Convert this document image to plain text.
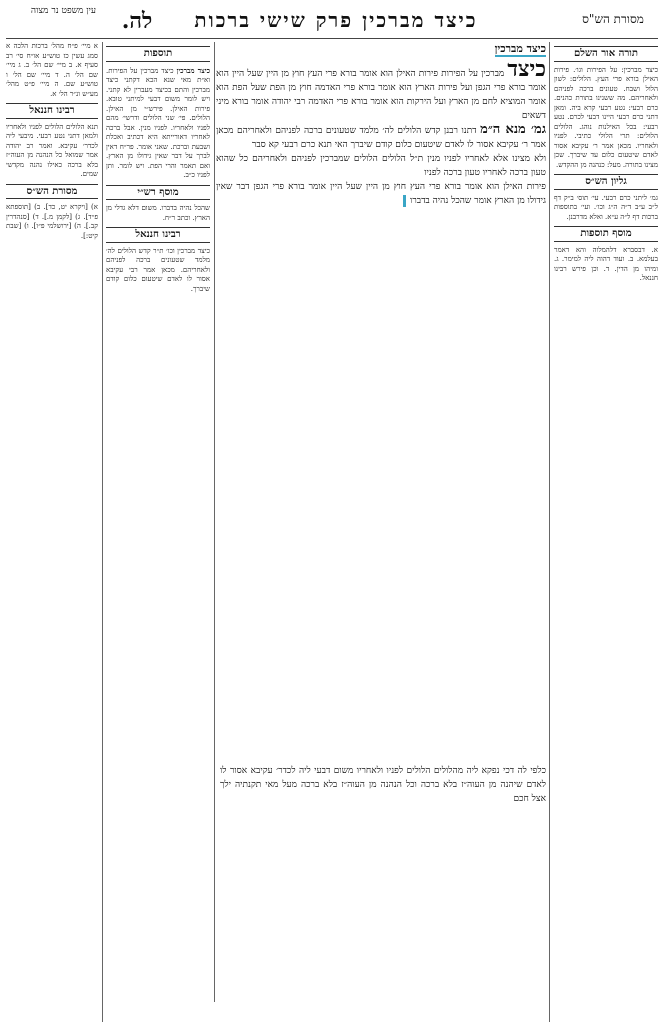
עין משפט נר מצוה	לה.	כיצד מברכין פרק שישי ברכות	מסורת הש"ס
תורה אור השלם

כיצד מברכין: על הפירות וגו׳. פירות האילן בורא פרי העץ. הלולים: לשון הלול ושבח. טעונים ברכה לפניהם ולאחריהם. מה ששנינו בתורת כהנים. כרם רבעי: נטע רבעי קרא ביה. ומאן דתני כרם רבעי היינו דבעי לכרם. נטע רבעי: בכל האילנות נוהג. הלולים הלולים: תרי הלולי כתיבי. לפניו ולאחריו. מכאן אמר ר׳ עקיבא אסור לאדם שיטעום כלום עד שיברך. שכן מצינו בתורה. מעל: כנהנה מן ההקדש.

גליון הש״ס

גמ׳ ליתני כרם רבעי. עי׳ תוס׳ ב״ק דף ל״ב ע״ב ד״ה ה״ג וכו׳. ועי׳ בתוספות ברכות דף ל״ה ע״א. ואלא מדרבנן.

מוסף תוספות

א. דבסברא דלהמלוה והא דאמר בעלמא. ב. ועוד דהוה ליה למימר. ג. ומיהו מן הדין. ד. וכן פירש רבינו חננאל.

כיצד מברכין

כיצד מברכין על הפירות פירות האילן הוא אומר בורא פרי העץ חוץ מן היין שעל היין הוא אומר בורא פרי הגפן ועל פירות הארץ הוא אומר בורא פרי האדמה חוץ מן הפת שעל הפת הוא אומר המוציא לחם מן הארץ ועל הירקות הוא אומר בורא פרי האדמה רבי יהודה אומר בורא מיני דשאים

גמ׳ מנא ה״מ דתנו רבנן קדש הלולים לה׳ מלמד שטעונים ברכה לפניהם ולאחריהם מכאן אמר ר׳ עקיבא אסור לו לאדם שיטעום כלום קודם שיברך האי תנא כרם רבעי קא סבר

ולא מצינו אלא לאחריו לפניו מנין ת״ל הלולים הלולים שמברכין לפניהם ולאחריהם כל שהוא טעון ברכה לאחריו טעון ברכה לפניו

פירות האילן הוא אומר בורא פרי העץ חוץ מן היין שעל היין אומר בורא פרי הגפן דבר שאין גידולו מן הארץ אומר שהכל נהיה בדברו

כלפי לה דכי נפקא ליה מהלולים הלולים לפניו ולאחריו משום דבעי ליה לכדר׳ עקיבא אסור לו לאדם שיהנה מן העוה״ז בלא ברכה וכל הנהנה מן העוה״ז בלא ברכה מעל מאי תקנתיה ילך אצל חכם
תוספות

כיצד מברכין כיצד מברכין על הפירות. וא״ת מאי שנא הכא דקתני כיצד מברכין והתם בכיצד מעברין לא קתני. ויש לומר משום דבעי למיתני טובא. פירות האילן. פירש״י מן האילן. הלולים. פי׳ שני הלולים ודרשי׳ מהם לפניו ולאחריו. לפניו מנין. אבל ברכה לאחריו דאורייתא היא דכתיב ואכלת ושבעת וברכת. שאני אומר. פר״ח דאין לברך על דבר שאין גידולו מן הארץ. ואם תאמר והרי הפת. ויש לומר. ותן לפניו כ״ב.

מוסף רש״י

שהכל נהיה בדברו. משום דלא גדלי מן הארץ. וכתב ר״ח.

רבינו חננאל

כיצד מברכין וכו׳ ת״ר קדש הלולים לה׳ מלמד שטעונים ברכה לפניהם ולאחריהם. מכאן אמר רבי עקיבא אסור לו לאדם שיטעום כלום קודם שיברך.

א מיי׳ פ״ח מהל׳ ברכות הלכה א סמג עשין כז טוש״ע או״ח סי׳ רב סעיף א. ב מיי׳ שם הל׳ ב. ג מיי׳ שם הל׳ ה. ד מיי׳ שם הל׳ ו טוש״ע שם. ה מיי׳ פ״ט מהל׳ מע״ש ונ״ר הל׳ א.

רבינו חננאל

תנא הלולים הלולים לפניו ולאחריו ולמאן דתני נטע רבעי. מיבעי ליה לכדר׳ עקיבא. ואמר רב יהודה אמר שמואל כל הנהנה מן העוה״ז בלא ברכה כאילו נהנה מקדשי שמים.

מסורת הש״ס

א) [ויקרא יט, כד]. ב) [תוספתא פ״ד]. ג) [לקמן מ.]. ד) [סנהדרין קב.]. ה) [ירושלמי פ״ו]. ו) [שבת קיט:].
